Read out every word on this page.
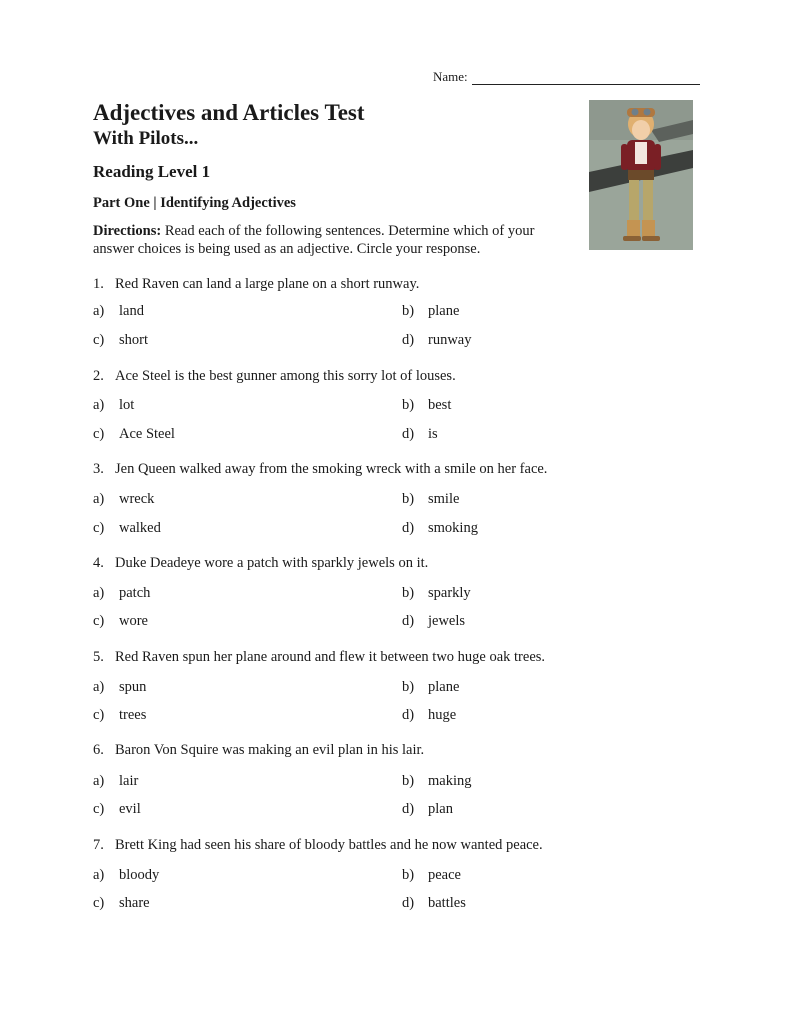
Name:
Adjectives and Articles Test
With Pilots...
Reading Level 1
Part One | Identifying Adjectives

Directions: Read each of the following sentences. Determine which of your answer choices is being used as an adjective. Circle your response.

1. Red Raven can land a large plane on a short runway.
a) land	b) plane
c) short	d) runway
2. Ace Steel is the best gunner among this sorry lot of louses.
a) lot	b) best
c) Ace Steel	d) is
3. Jen Queen walked away from the smoking wreck with a smile on her face.
a) wreck	b) smile
c) walked	d) smoking
4. Duke Deadeye wore a patch with sparkly jewels on it.
a) patch	b) sparkly
c) wore	d) jewels
5. Red Raven spun her plane around and flew it between two huge oak trees.
a) spun	b) plane
c) trees	d) huge
6. Baron Von Squire was making an evil plan in his lair.
a) lair	b) making
c) evil	d) plan
7. Brett King had seen his share of bloody battles and he now wanted peace.
a) bloody	b) peace
c) share	d) battles
